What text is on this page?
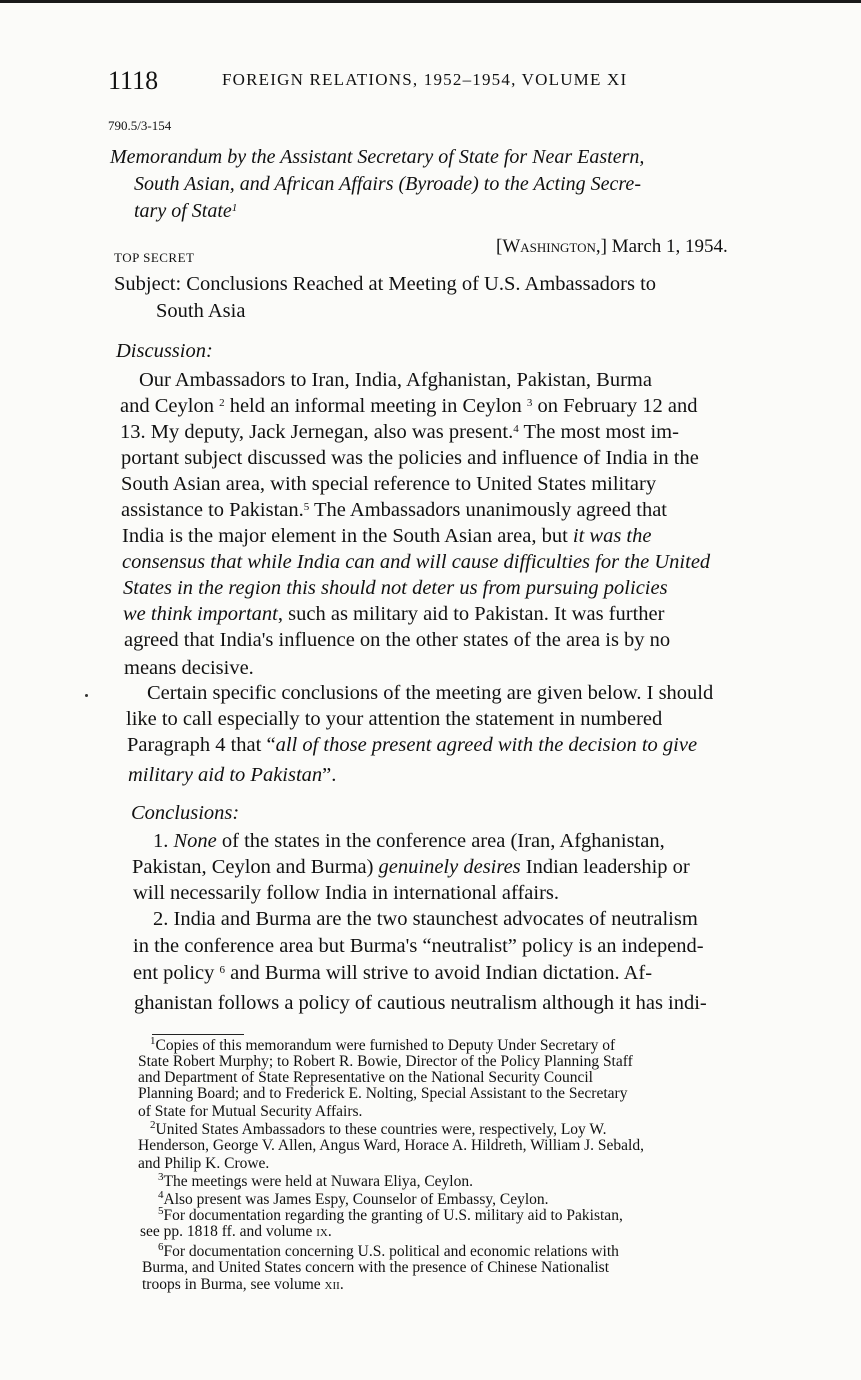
1118	FOREIGN RELATIONS, 1952–1954, VOLUME XI
790.5/3-154
Memorandum by the Assistant Secretary of State for Near Eastern,
South Asian, and African Affairs (Byroade) to the Acting Secre-
tary of State$^1$
TOP SECRET
[Washington,] March 1, 1954.
Subject: Conclusions Reached at Meeting of U.S. Ambassadors to
South Asia
Discussion:
Our Ambassadors to Iran, India, Afghanistan, Pakistan, Burma
and Ceylon $^2$ held an informal meeting in Ceylon $^3$ on February 12 and
13. My deputy, Jack Jernegan, also was present.$^4$ The most most im-
portant subject discussed was the policies and influence of India in the
South Asian area, with special reference to United States military
assistance to Pakistan.$^5$ The Ambassadors unanimously agreed that
India is the major element in the South Asian area, but it was the
consensus that while India can and will cause difficulties for the United
States in the region this should not deter us from pursuing policies
we think important, such as military aid to Pakistan. It was further
agreed that India's influence on the other states of the area is by no
means decisive.
Certain specific conclusions of the meeting are given below. I should
like to call especially to your attention the statement in numbered
Paragraph 4 that “all of those present agreed with the decision to give
military aid to Pakistan”.
Conclusions:
1. None of the states in the conference area (Iran, Afghanistan,
Pakistan, Ceylon and Burma) genuinely desires Indian leadership or
will necessarily follow India in international affairs.
2. India and Burma are the two staunchest advocates of neutralism
in the conference area but Burma's “neutralist” policy is an independ-
ent policy $^6$ and Burma will strive to avoid Indian dictation. Af-
ghanistan follows a policy of cautious neutralism although it has indi-
$^1$Copies of this memorandum were furnished to Deputy Under Secretary of
State Robert Murphy; to Robert R. Bowie, Director of the Policy Planning Staff
and Department of State Representative on the National Security Council
Planning Board; and to Frederick E. Nolting, Special Assistant to the Secretary
of State for Mutual Security Affairs.
$^2$United States Ambassadors to these countries were, respectively, Loy W.
Henderson, George V. Allen, Angus Ward, Horace A. Hildreth, William J. Sebald,
and Philip K. Crowe.
$^3$The meetings were held at Nuwara Eliya, Ceylon.
$^4$Also present was James Espy, Counselor of Embassy, Ceylon.
$^5$For documentation regarding the granting of U.S. military aid to Pakistan,
see pp. 1818 ff. and volume ix.
$^6$For documentation concerning U.S. political and economic relations with
Burma, and United States concern with the presence of Chinese Nationalist
troops in Burma, see volume xii.
